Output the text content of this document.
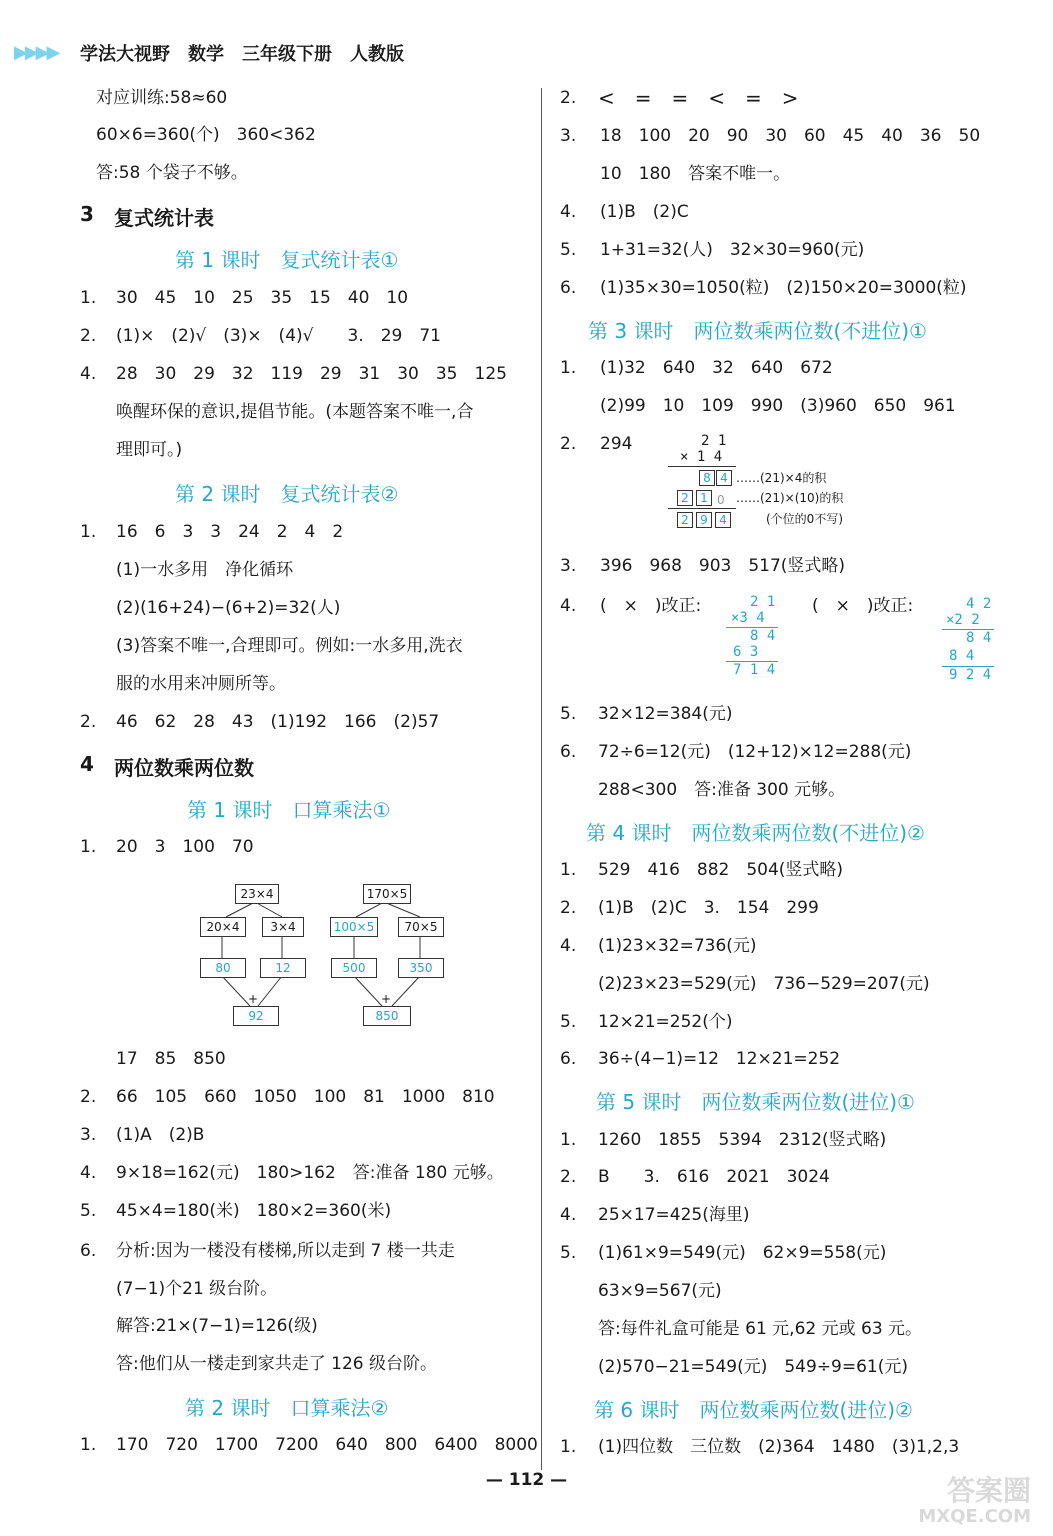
▶▶▶▶ 学法大视野　数学　三年级下册　人教版
对应训练:58≈60
60×6=360(个)　360<362
答:58 个袋子不够。
3 复式统计表
第 1 课时　复式统计表①
1. 30　45　10　25　35　15　40　10
2. (1)×　(2)√　(3)×　(4)√　　3.　29　71
4. 28　30　29　32　119　29　31　30　35　125
唤醒环保的意识,提倡节能。(本题答案不唯一,合
理即可。)
第 2 课时　复式统计表②
1. 16　6　3　3　24　2　4　2
(1)一水多用　净化循环
(2)(16+24)−(6+2)=32(人)
(3)答案不唯一,合理即可。例如:一水多用,洗衣
服的水用来冲厕所等。
2. 46　62　28　43　(1)192　166　(2)57
4 两位数乘两位数
第 1 课时　口算乘法①
1. 20　3　100　70
23×4
20×4	3×4
80	12
+
92
170×5
100×5	70×5
500	350
+
850
17　85　850
2. 66　105　660　1050　100　81　1000　810
3. (1)A　(2)B
4. 9×18=162(元)　180>162　答:准备 180 元够。
5. 45×4=180(米)　180×2=360(米)
6. 分析:因为一楼没有楼梯,所以走到 7 楼一共走
(7−1)个21 级台阶。
解答:21×(7−1)=126(级)
答:他们从一楼走到家共走了 126 级台阶。
第 2 课时　口算乘法②
1. 170　720　1700　7200　640　800　6400　8000
2. <　=　=　<　=　>
3. 18　100　20　90　30　60　45　40　36　50
10　180　答案不唯一。
4. (1)B　(2)C
5. 1+31=32(人)　32×30=960(元)
6. (1)35×30=1050(粒)　(2)150×20=3000(粒)
第 3 课时　两位数乘两位数(不进位)①
1. (1)32　640　32　640　672
(2)99　10　109　990　(3)960　650　961
2. 294	2 1
× 1 4
8 4 ……(21)×4的积
2 1 0 ……(21)×(10)的积
(个位的0不写)
2 9 4
3. 396　968　903　517(竖式略)
4. (　×　)改正:	(　×　)改正:
2 1
×3 4
8 4
6 3
7 1 4
4 2
×2 2
8 4
8 4
9 2 4
5. 32×12=384(元)
6. 72÷6=12(元)　(12+12)×12=288(元)
288<300　答:准备 300 元够。
第 4 课时　两位数乘两位数(不进位)②
1. 529　416　882　504(竖式略)
2. (1)B　(2)C　3.　154　299
4. (1)23×32=736(元)
(2)23×23=529(元)　736−529=207(元)
5. 12×21=252(个)
6. 36÷(4−1)=12　12×21=252
第 5 课时　两位数乘两位数(进位)①
1. 1260　1855　5394　2312(竖式略)
2. B　　3.　616　2021　3024
4. 25×17=425(海里)
5. (1)61×9=549(元)　62×9=558(元)
63×9=567(元)
答:每件礼盒可能是 61 元,62 元或 63 元。
(2)570−21=549(元)　549÷9=61(元)
第 6 课时　两位数乘两位数(进位)②
1. (1)四位数　三位数　(2)364　1480　(3)1,2,3
— 112 —	答案圈
MXQE.COM
